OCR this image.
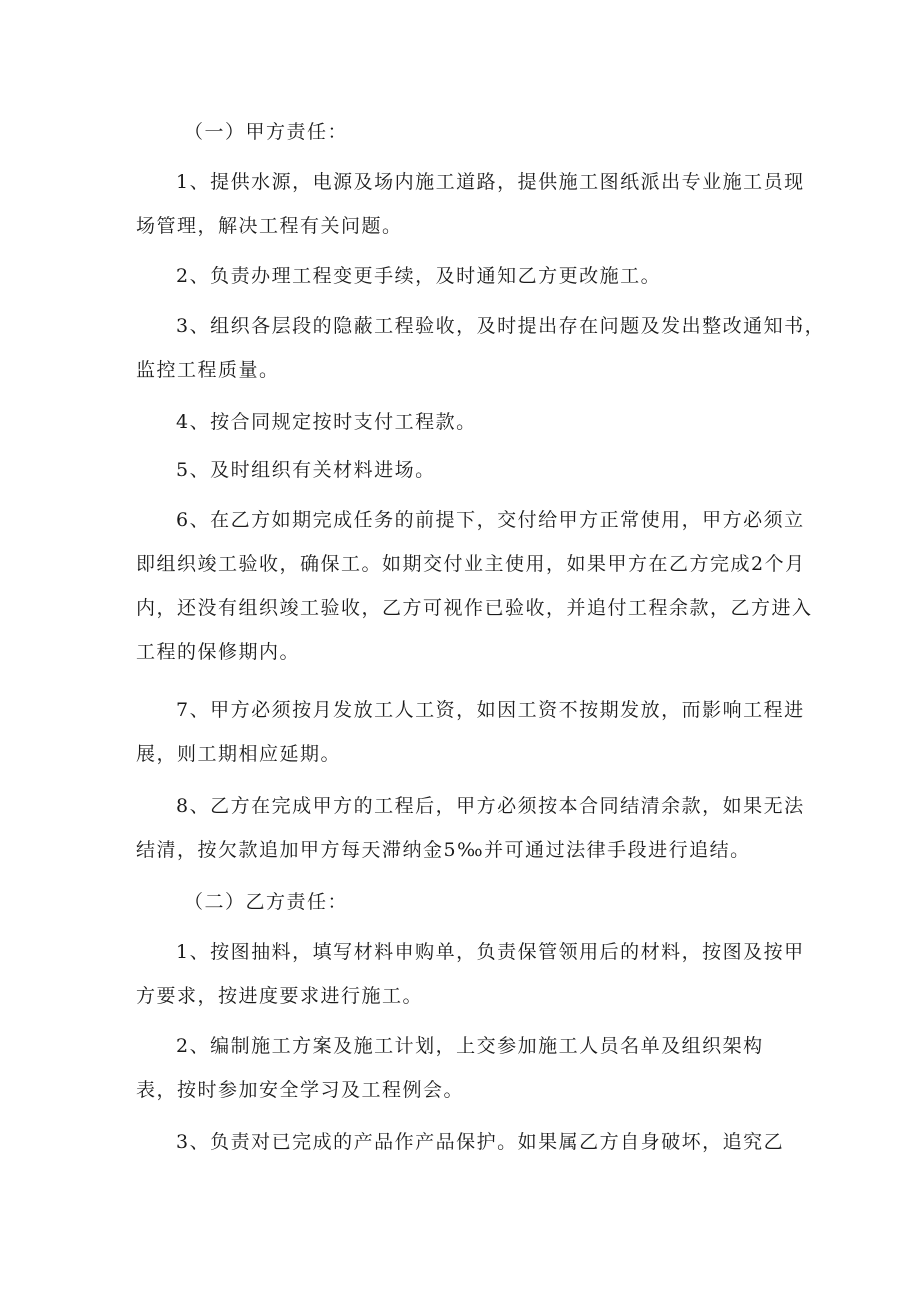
（一）甲方责任：

1、提供水源，电源及场内施工道路，提供施工图纸派出专业施工员现
场管理，解决工程有关问题。

2、负责办理工程变更手续，及时通知乙方更改施工。

3、组织各层段的隐蔽工程验收，及时提出存在问题及发出整改通知书，
监控工程质量。

4、按合同规定按时支付工程款。

5、及时组织有关材料进场。

6、在乙方如期完成任务的前提下，交付给甲方正常使用，甲方必须立
即组织竣工验收，确保工。如期交付业主使用，如果甲方在乙方完成2个月
内，还没有组织竣工验收，乙方可视作已验收，并追付工程余款，乙方进入
工程的保修期内。

7、甲方必须按月发放工人工资，如因工资不按期发放，而影响工程进
展，则工期相应延期。

8、乙方在完成甲方的工程后，甲方必须按本合同结清余款，如果无法
结清，按欠款追加甲方每天滞纳金5‰并可通过法律手段进行追结。

（二）乙方责任：

1、按图抽料，填写材料申购单，负责保管领用后的材料，按图及按甲
方要求，按进度要求进行施工。

2、编制施工方案及施工计划，上交参加施工人员名单及组织架构
表，按时参加安全学习及工程例会。

3、负责对已完成的产品作产品保护。如果属乙方自身破坏，追究乙
